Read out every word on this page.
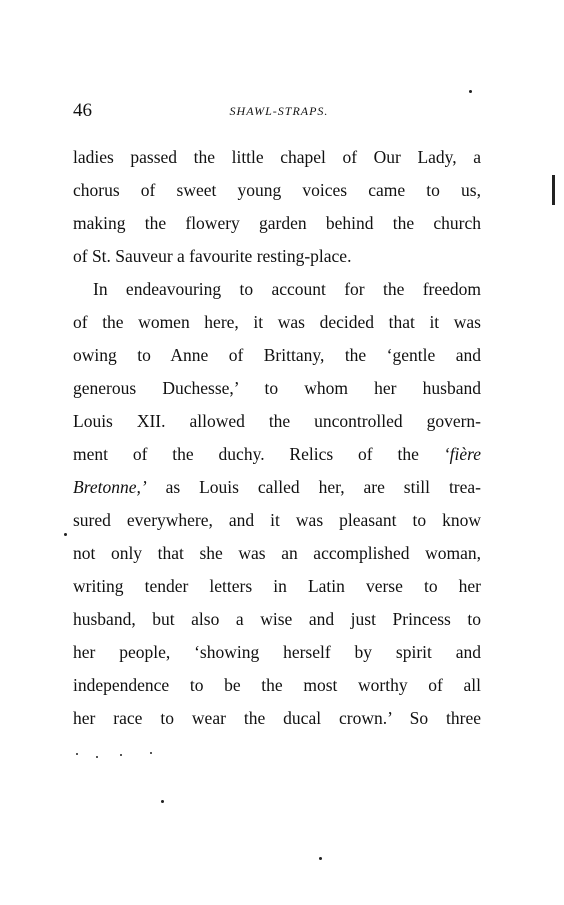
46	SHAWL-STRAPS.
ladies passed the little chapel of Our Lady, a
chorus of sweet young voices came to us,
making the flowery garden behind the church
of St. Sauveur a favourite resting-place.
In endeavouring to account for the freedom
of the women here, it was decided that it was
owing to Anne of Brittany, the ‘gentle and
generous Duchesse,’ to whom her husband
Louis XII. allowed the uncontrolled govern-
ment of the duchy. Relics of the ‘fière
Bretonne,’ as Louis called her, are still trea-
sured everywhere, and it was pleasant to know
not only that she was an accomplished woman,
writing tender letters in Latin verse to her
husband, but also a wise and just Princess to
her people, ‘showing herself by spirit and
independence to be the most worthy of all
her race to wear the ducal crown.’ So three
